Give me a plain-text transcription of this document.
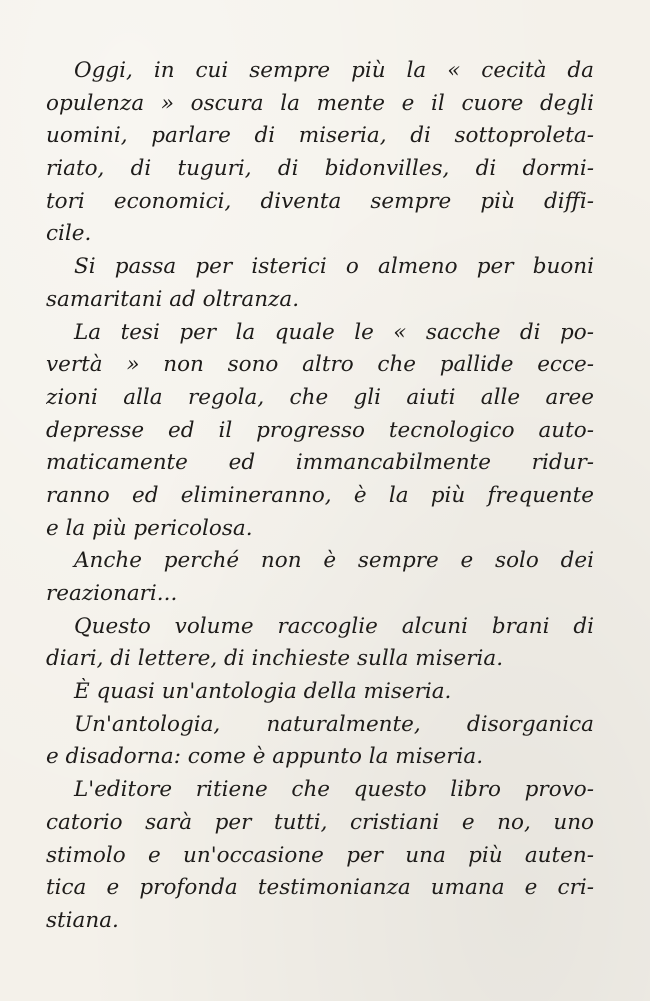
Oggi, in cui sempre più la « cecità da
opulenza » oscura la mente e il cuore degli
uomini, parlare di miseria, di sottoproleta-
riato, di tuguri, di bidonvilles, di dormi-
tori economici, diventa sempre più diffi-
cile.
Si passa per isterici o almeno per buoni
samaritani ad oltranza.
La tesi per la quale le « sacche di po-
vertà » non sono altro che pallide ecce-
zioni alla regola, che gli aiuti alle aree
depresse ed il progresso tecnologico auto-
maticamente ed immancabilmente ridur-
ranno ed elimineranno, è la più frequente
e la più pericolosa.
Anche perché non è sempre e solo dei
reazionari...
Questo volume raccoglie alcuni brani di
diari, di lettere, di inchieste sulla miseria.
È quasi un'antologia della miseria.
Un'antologia, naturalmente, disorganica
e disadorna: come è appunto la miseria.
L'editore ritiene che questo libro provo-
catorio sarà per tutti, cristiani e no, uno
stimolo e un'occasione per una più auten-
tica e profonda testimonianza umana e cri-
stiana.
